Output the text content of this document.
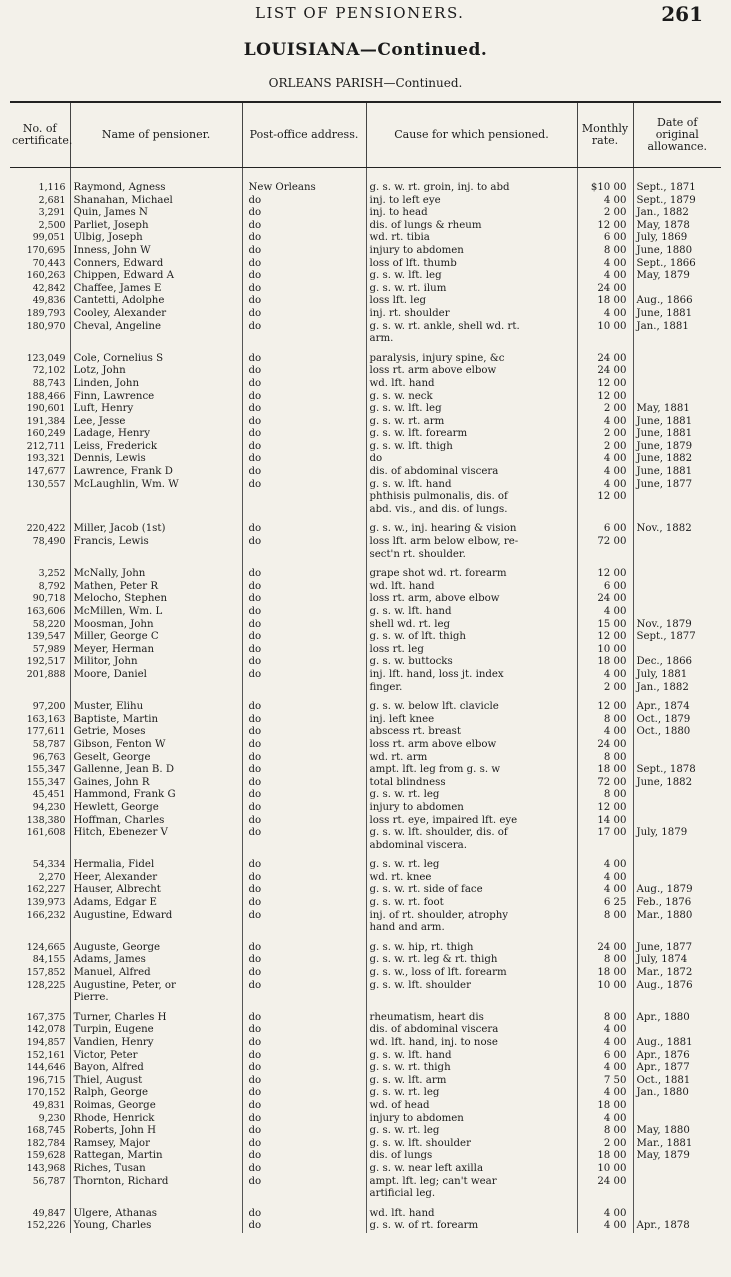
LIST OF PENSIONERS.	261
LOUISIANA—Continued.
ORLEANS PARISH—Continued.
No. of certificate.	Name of pensioner.	Post-office address.	Cause for which pensioned.	Monthly rate.	Date of original allowance.
1,116	Raymond, Agness	New Orleans	g. s. w. rt. groin, inj. to abd	$10 00	Sept., 1871
2,681	Shanahan, Michael	do	inj. to left eye	4 00	Sept., 1879
3,291	Quin, James N	do	inj. to head	2 00	Jan., 1882
2,500	Parliet, Joseph	do	dis. of lungs & rheum	12 00	May, 1878
99,051	Ulbig, Joseph	do	wd. rt. tibia	6 00	July, 1869
170,695	Inness, John W	do	injury to abdomen	8 00	June, 1880
70,443	Conners, Edward	do	loss of lft. thumb	4 00	Sept., 1866
160,263	Chippen, Edward A	do	g. s. w. lft. leg	4 00	May, 1879
42,842	Chaffee, James E	do	g. s. w. rt. ilum	24 00	
49,836	Cantetti, Adolphe	do	loss lft. leg	18 00	Aug., 1866
189,793	Cooley, Alexander	do	inj. rt. shoulder	4 00	June, 1881
180,970	Cheval, Angeline	do	g. s. w. rt. ankle, shell wd. rt.	10 00	Jan., 1881
			arm.		

123,049	Cole, Cornelius S	do	paralysis, injury spine, &c	24 00	
72,102	Lotz, John	do	loss rt. arm above elbow	24 00	
88,743	Linden, John	do	wd. lft. hand	12 00	
188,466	Finn, Lawrence	do	g. s. w. neck	12 00	
190,601	Luft, Henry	do	g. s. w. lft. leg	2 00	May, 1881
191,384	Lee, Jesse	do	g. s. w. rt. arm	4 00	June, 1881
160,249	Ladage, Henry	do	g. s. w. lft. forearm	2 00	June, 1881
212,711	Leiss, Frederick	do	g. s. w. lft. thigh	2 00	June, 1879
193,321	Dennis, Lewis	do	do	4 00	June, 1882
147,677	Lawrence, Frank D	do	dis. of abdominal viscera	4 00	June, 1881
130,557	McLaughlin, Wm. W	do	g. s. w. lft. hand	4 00	June, 1877
			phthisis pulmonalis, dis. of	12 00	
			abd. vis., and dis. of lungs.		

220,422	Miller, Jacob (1st)	do	g. s. w., inj. hearing & vision	6 00	Nov., 1882
78,490	Francis, Lewis	do	loss lft. arm below elbow, re-	72 00	
			sect'n rt. shoulder.		

3,252	McNally, John	do	grape shot wd. rt. forearm	12 00	
8,792	Mathen, Peter R	do	wd. lft. hand	6 00	
90,718	Melocho, Stephen	do	loss rt. arm, above elbow	24 00	
163,606	McMillen, Wm. L	do	g. s. w. lft. hand	4 00	
58,220	Moosman, John	do	shell wd. rt. leg	15 00	Nov., 1879
139,547	Miller, George C	do	g. s. w. of lft. thigh	12 00	Sept., 1877
57,989	Meyer, Herman	do	loss rt. leg	10 00	
192,517	Militor, John	do	g. s. w. buttocks	18 00	Dec., 1866
201,888	Moore, Daniel	do	inj. lft. hand, loss jt. index	4 00	July, 1881
			finger.	2 00	Jan., 1882

97,200	Muster, Elihu	do	g. s. w. below lft. clavicle	12 00	Apr., 1874
163,163	Baptiste, Martin	do	inj. left knee	8 00	Oct., 1879
177,611	Getrie, Moses	do	abscess rt. breast	4 00	Oct., 1880
58,787	Gibson, Fenton W	do	loss rt. arm above elbow	24 00	
96,763	Geselt, George	do	wd. rt. arm	8 00	
155,347	Gallenne, Jean B. D	do	ampt. lft. leg from g. s. w	18 00	Sept., 1878
155,347	Gaines, John R	do	total blindness	72 00	June, 1882
45,451	Hammond, Frank G	do	g. s. w. rt. leg	8 00	
94,230	Hewlett, George	do	injury to abdomen	12 00	
138,380	Hoffman, Charles	do	loss rt. eye, impaired lft. eye	14 00	
161,608	Hitch, Ebenezer V	do	g. s. w. lft. shoulder, dis. of	17 00	July, 1879
			abdominal viscera.		

54,334	Hermalia, Fidel	do	g. s. w. rt. leg	4 00	
2,270	Heer, Alexander	do	wd. rt. knee	4 00	
162,227	Hauser, Albrecht	do	g. s. w. rt. side of face	4 00	Aug., 1879
139,973	Adams, Edgar E	do	g. s. w. rt. foot	6 25	Feb., 1876
166,232	Augustine, Edward	do	inj. of rt. shoulder, atrophy	8 00	Mar., 1880
			hand and arm.		

124,665	Auguste, George	do	g. s. w. hip, rt. thigh	24 00	June, 1877
84,155	Adams, James	do	g. s. w. rt. leg & rt. thigh	8 00	July, 1874
157,852	Manuel, Alfred	do	g. s. w., loss of lft. forearm	18 00	Mar., 1872
128,225	Augustine, Peter, or	do	g. s. w. lft. shoulder	10 00	Aug., 1876
	Pierre.				

167,375	Turner, Charles H	do	rheumatism, heart dis	8 00	Apr., 1880
142,078	Turpin, Eugene	do	dis. of abdominal viscera	4 00	
194,857	Vandien, Henry	do	wd. lft. hand, inj. to nose	4 00	Aug., 1881
152,161	Victor, Peter	do	g. s. w. lft. hand	6 00	Apr., 1876
144,646	Bayon, Alfred	do	g. s. w. rt. thigh	4 00	Apr., 1877
196,715	Thiel, August	do	g. s. w. lft. arm	7 50	Oct., 1881
170,152	Ralph, George	do	g. s. w. rt. leg	4 00	Jan., 1880
49,831	Roimas, George	do	wd. of head	18 00	
9,230	Rhode, Henrick	do	injury to abdomen	4 00	
168,745	Roberts, John H	do	g. s. w. rt. leg	8 00	May, 1880
182,784	Ramsey, Major	do	g. s. w. lft. shoulder	2 00	Mar., 1881
159,628	Rattegan, Martin	do	dis. of lungs	18 00	May, 1879
143,968	Riches, Tusan	do	g. s. w. near left axilla	10 00	
56,787	Thornton, Richard	do	ampt. lft. leg; can't wear	24 00	
			artificial leg.		

49,847	Ulgere, Athanas	do	wd. lft. hand	4 00	
152,226	Young, Charles	do	g. s. w. of rt. forearm	4 00	Apr., 1878
